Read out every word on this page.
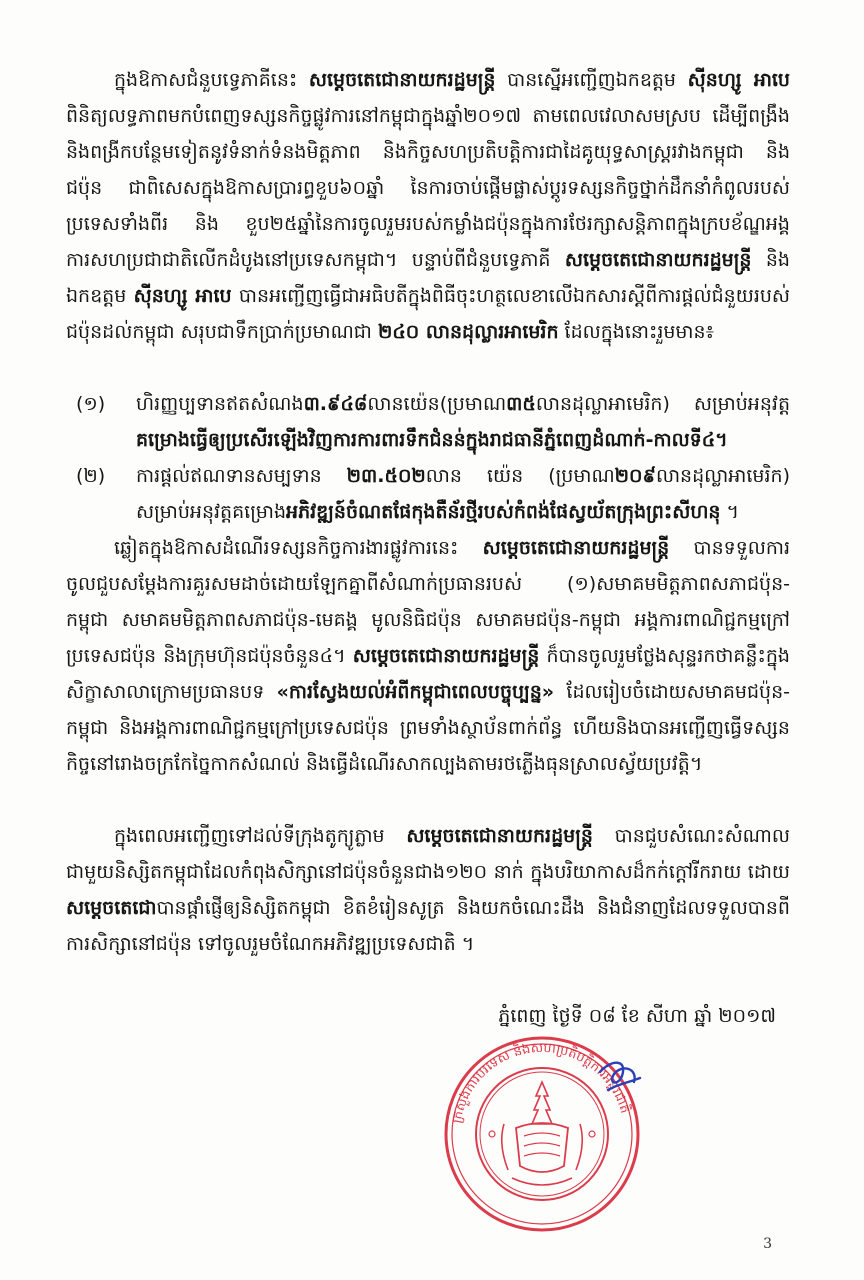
ក្នុងឱកាសជំនួបទ្វេភាគីនេះ សម្តេចតេជោនាយករដ្ឋមន្ត្រី បានស្នើអញ្ជើញឯកឧត្តម ស៊ីនហ្សូ អាបេ ពិនិត្យលទ្ធភាពមកបំពេញទស្សនកិច្ចផ្លូវការនៅកម្ពុជាក្នុងឆ្នាំ២០១៧ តាមពេលវេលាសមស្រប ដើម្បីពង្រឹង និងពង្រីកបន្ថែមទៀតនូវទំនាក់ទំនងមិត្តភាព និងកិច្ចសហប្រតិបត្តិការជាដៃគូយុទ្ធសាស្ត្ររវាងកម្ពុជា និងជប៉ុន ជាពិសេសក្នុងឱកាសប្រារព្ធខួប៦០ឆ្នាំ នៃការចាប់ផ្តើមផ្លាស់ប្តូរទស្សនកិច្ចថ្នាក់ដឹកនាំកំពូលរបស់ប្រទេសទាំងពីរ និង ខួប២៥ឆ្នាំនៃការចូលរួមរបស់កម្លាំងជប៉ុនក្នុងការថែរក្សាសន្តិភាពក្នុងក្របខ័ណ្ឌអង្គការសហប្រជាជាតិលើកដំបូងនៅប្រទេសកម្ពុជា។ បន្ទាប់ពីជំនួបទ្វេភាគី សម្តេចតេជោនាយករដ្ឋមន្ត្រី និង ឯកឧត្តម ស៊ីនហ្សូ អាបេ បានអញ្ជើញធ្វើជាអធិបតីក្នុងពិធីចុះហត្ថលេខាលើឯកសារស្តីពីការផ្តល់ជំនួយរបស់ជប៉ុនដល់កម្ពុជា សរុបជាទឹកប្រាក់ប្រមាណជា ២៤០ លានដុល្លារអាមេរិក ដែលក្នុងនោះរួមមាន៖

(១) ហិរញ្ញប្បទានឥតសំណង៣.៩៤៨លានយ៉េន(ប្រមាណ៣៥លានដុល្លាអាមេរិក) សម្រាប់អនុវត្តគម្រោងធ្វើឲ្យប្រសើរឡើងវិញការការពារទឹកជំនន់ក្នុងរាជធានីភ្នំពេញដំណាក់-កាលទី៤។
(២) ការផ្តល់ឥណទានសម្បទាន ២៣.៥០២លាន យ៉េន (ប្រមាណ២០៩លានដុល្លាអាមេរិក) សម្រាប់អនុវត្តគម្រោងអភិវឌ្ឍន៍ចំណតផែកុងតឺន័រថ្មីរបស់កំពង់ផែស្វយ័តក្រុងព្រះសីហនុ ។

ឆ្លៀតក្នុងឱកាសដំណើរទស្សនកិច្ចការងារផ្លូវការនេះ សម្តេចតេជោនាយករដ្ឋមន្ត្រី បានទទួលការចូលជួបសម្តែងការគួរសមដាច់ដោយឡែកគ្នាពីសំណាក់ប្រធានរបស់ (១)សមាគមមិត្តភាពសភាជប៉ុន-កម្ពុជា សមាគមមិត្តភាពសភាជប៉ុន-មេគង្គ មូលនិធិជប៉ុន សមាគមជប៉ុន-កម្ពុជា អង្គការពាណិជ្ជកម្មក្រៅប្រទេសជប៉ុន និងក្រុមហ៊ុនជប៉ុនចំនួន៤។ សម្តេចតេជោនាយករដ្ឋមន្ត្រី ក៏បានចូលរួមថ្លែងសុន្ទរកថាគន្លឹះក្នុងសិក្ខាសាលាក្រោមប្រធានបទ «ការស្វែងយល់អំពីកម្ពុជាពេលបច្ចុប្បន្ន» ដែលរៀបចំដោយសមាគមជប៉ុន-កម្ពុជា និងអង្គការពាណិជ្ជកម្មក្រៅប្រទេសជប៉ុន ព្រមទាំងស្ថាប័នពាក់ព័ន្ធ ហើយនិងបានអញ្ជើញធ្វើទស្សនកិច្ចនៅរោងចក្រកែច្នៃកាកសំណល់ និងធ្វើដំណើរសាកល្បងតាមរថភ្លើងធុនស្រាលស្វ័យប្រវត្តិ។

ក្នុងពេលអញ្ជើញទៅដល់ទីក្រុងតូក្យូភ្លាម សម្តេចតេជោនាយករដ្ឋមន្ត្រី បានជួបសំណេះសំណាលជាមួយនិស្សិតកម្ពុជាដែលកំពុងសិក្សានៅជប៉ុនចំនួនជាង១២០ នាក់ ក្នុងបរិយាកាសដ៏កក់ក្តៅរីករាយ ដោយសម្តេចតេជោបានផ្តាំផ្ញើឲ្យនិស្សិតកម្ពុជា ខិតខំរៀនសូត្រ និងយកចំណេះដឹង និងជំនាញដែលទទួលបានពីការសិក្សានៅជប៉ុន ទៅចូលរួមចំណែកអភិវឌ្ឍប្រទេសជាតិ ។

ភ្នំពេញ ថ្ងៃទី ០៨ ខែ សីហា ឆ្នាំ ២០១៧

ក្រសួងការបរទេស និងសហប្រតិបត្តិការអន្តរជាតិ
3
